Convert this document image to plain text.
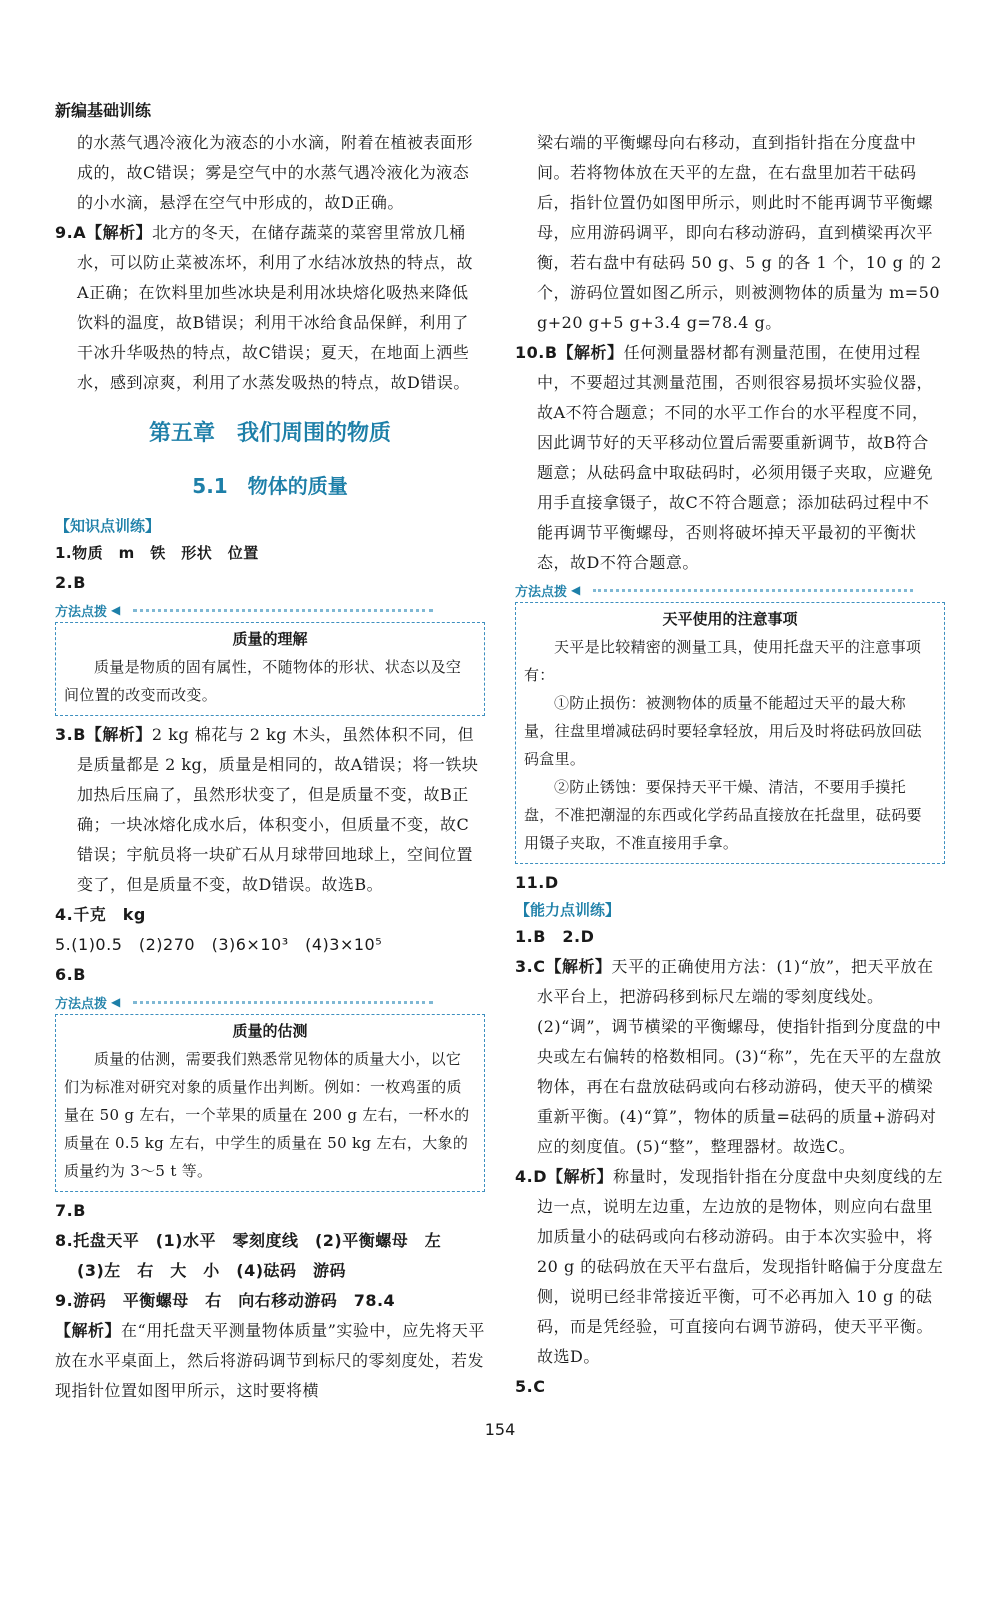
新编基础训练

的水蒸气遇冷液化为液态的小水滴，附着在植被表面形成的，故C错误；雾是空气中的水蒸气遇冷液化为液态的小水滴，悬浮在空气中形成的，故D正确。

9.A【解析】北方的冬天，在储存蔬菜的菜窖里常放几桶水，可以防止菜被冻坏，利用了水结冰放热的特点，故A正确；在饮料里加些冰块是利用冰块熔化吸热来降低饮料的温度，故B错误；利用干冰给食品保鲜，利用了干冰升华吸热的特点，故C错误；夏天，在地面上洒些水，感到凉爽，利用了水蒸发吸热的特点，故D错误。

第五章　我们周围的物质
5.1　物体的质量
【知识点训练】

1.物质　m　铁　形状　位置

2.B

方法点拨 ◀
质量的理解

质量是物质的固有属性，不随物体的形状、状态以及空间位置的改变而改变。

3.B【解析】2 kg 棉花与 2 kg 木头，虽然体积不同，但是质量都是 2 kg，质量是相同的，故A错误；将一铁块加热后压扁了，虽然形状变了，但是质量不变，故B正确；一块冰熔化成水后，体积变小，但质量不变，故C错误；宇航员将一块矿石从月球带回地球上，空间位置变了，但是质量不变，故D错误。故选B。

4.千克　kg

5.(1)0.5　(2)270　(3)6×10³　(4)3×10⁵

6.B

方法点拨 ◀
质量的估测

质量的估测，需要我们熟悉常见物体的质量大小，以它们为标准对研究对象的质量作出判断。例如：一枚鸡蛋的质量在 50 g 左右，一个苹果的质量在 200 g 左右，一杯水的质量在 0.5 kg 左右，中学生的质量在 50 kg 左右，大象的质量约为 3～5 t 等。

7.B

8.托盘天平　(1)水平　零刻度线　(2)平衡螺母　左

(3)左　右　大　小　(4)砝码　游码

9.游码　平衡螺母　右　向右移动游码　78.4

【解析】在“用托盘天平测量物体质量”实验中，应先将天平放在水平桌面上，然后将游码调节到标尺的零刻度处，若发现指针位置如图甲所示，这时要将横

梁右端的平衡螺母向右移动，直到指针指在分度盘中间。若将物体放在天平的左盘，在右盘里加若干砝码后，指针位置仍如图甲所示，则此时不能再调节平衡螺母，应用游码调平，即向右移动游码，直到横梁再次平衡，若右盘中有砝码 50 g、5 g 的各 1 个，10 g 的 2 个，游码位置如图乙所示，则被测物体的质量为 m=50 g+20 g+5 g+3.4 g=78.4 g。

10.B【解析】任何测量器材都有测量范围，在使用过程中，不要超过其测量范围，否则很容易损坏实验仪器，故A不符合题意；不同的水平工作台的水平程度不同，因此调节好的天平移动位置后需要重新调节，故B符合题意；从砝码盒中取砝码时，必须用镊子夹取，应避免用手直接拿镊子，故C不符合题意；添加砝码过程中不能再调节平衡螺母，否则将破坏掉天平最初的平衡状态，故D不符合题意。

方法点拨 ◀
天平使用的注意事项

天平是比较精密的测量工具，使用托盘天平的注意事项有：

①防止损伤：被测物体的质量不能超过天平的最大称量，往盘里增减砝码时要轻拿轻放，用后及时将砝码放回砝码盒里。

②防止锈蚀：要保持天平干燥、清洁，不要用手摸托盘，不准把潮湿的东西或化学药品直接放在托盘里，砝码要用镊子夹取，不准直接用手拿。

11.D

【能力点训练】

1.B　2.D

3.C【解析】天平的正确使用方法：(1)“放”，把天平放在水平台上，把游码移到标尺左端的零刻度线处。(2)“调”，调节横梁的平衡螺母，使指针指到分度盘的中央或左右偏转的格数相同。(3)“称”，先在天平的左盘放物体，再在右盘放砝码或向右移动游码，使天平的横梁重新平衡。(4)“算”，物体的质量=砝码的质量+游码对应的刻度值。(5)“整”，整理器材。故选C。

4.D【解析】称量时，发现指针指在分度盘中央刻度线的左边一点，说明左边重，左边放的是物体，则应向右盘里加质量小的砝码或向右移动游码。由于本次实验中，将 20 g 的砝码放在天平右盘后，发现指针略偏于分度盘左侧，说明已经非常接近平衡，可不必再加入 10 g 的砝码，而是凭经验，可直接向右调节游码，使天平平衡。故选D。

5.C

154
